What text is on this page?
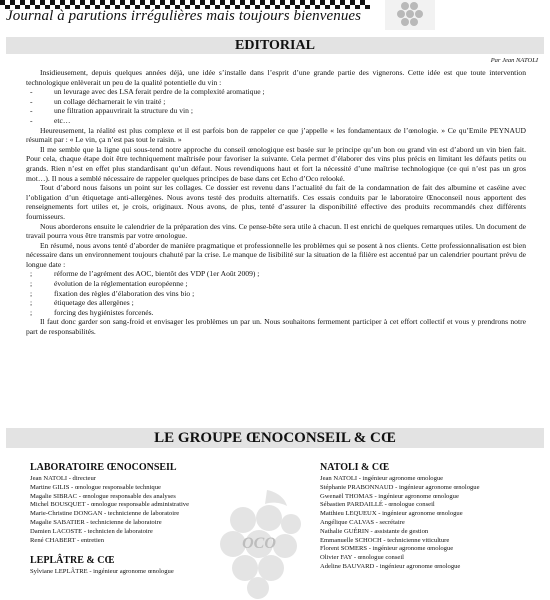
Journal à parutions irrégulières mais toujours bienvenues
EDITORIAL
Par Jean NATOLI

Insidieusement, depuis quelques années déjà, une idée s’installe dans l’esprit d’une grande partie des vignerons. Cette idée est que toute intervention technologique enlèverait un peu de la qualité potentielle du vin :

- un levurage avec des LSA ferait perdre de la complexité aromatique ;
- un collage décharnerait le vin traité ;
- une filtration appauvrirait la structure du vin ;
- etc…

Heureusement, la réalité est plus complexe et il est parfois bon de rappeler ce que j’appelle « les fondamentaux de l’œnologie. » Ce qu’Emile PEYNAUD résumait par : « Le vin, ça n’est pas tout le raisin. »

Il me semble que la ligne qui sous-tend notre approche du conseil œnologique est basée sur le principe qu’un bon ou grand vin est d’abord un vin bien fait. Pour cela, chaque étape doit être techniquement maîtrisée pour favoriser la suivante. Cela permet d’élaborer des vins plus précis en limitant les défauts petits ou grands. Rien n’est en effet plus standardisant qu’un défaut. Nous revendiquons haut et fort la nécessité d’une maîtrise technologique (ce qui n’est pas un gros mot…). Il nous a semblé nécessaire de rappeler quelques principes de base dans cet Echo d’Oco relooké.

Tout d’abord nous faisons un point sur les collages. Ce dossier est revenu dans l’actualité du fait de la condamnation de fait des albumine et caséine avec l’obligation d’un étiquetage anti-allergènes. Nous avons testé des produits alternatifs. Ces essais conduits par le laboratoire Œnoconseil nous apportent des renseignements fort utiles et, je crois, originaux. Nous avons, de plus, tenté d’assurer la disponibilité effective des produits recommandés chez différents fournisseurs.

Nous aborderons ensuite le calendrier de la préparation des vins. Ce pense-bête sera utile à chacun. Il est enrichi de quelques remarques utiles. Un document de travail pourra vous être transmis par votre œnologue.

En résumé, nous avons tenté d’aborder de manière pragmatique et professionnelle les problèmes qui se posent à nos clients. Cette professionnalisation est bien nécessaire dans un environnement toujours chahuté par la crise. Le manque de lisibilité sur la situation de la filière est accentué par un calendrier pourtant prévu de longue date :

; réforme de l’agrément des AOC, bientôt des VDP (1er Août 2009) ;
; évolution de la réglementation européenne ;
; fixation des règles d’élaboration des vins bio ;
; étiquetage des allergènes ;
; forcing des hygiénistes forcenés.

Il faut donc garder son sang-froid et envisager les problèmes un par un. Nous souhaitons fermement participer à cet effort collectif et vous y prendrons notre part de responsabilités.

LE GROUPE ŒNOCONSEIL & CŒ
LABORATOIRE ŒNOCONSEIL
Jean NATOLI - directeur
Martine GILIS - œnologue responsable technique
Magalie SIBRAC - œnologue responsable des analyses
Michel BOUSQUET - œnologue responsable administrative
Marie-Christine DONGAN - technicienne de laboratoire
Magalie SABATIER - technicienne de laboratoire
Damien LACOSTE - technicien de laboratoire
René CHABERT - entretien
LEPLÂTRE & CŒ
Sylviane LEPLÂTRE - ingénieur agronome œnologue
OCO
NATOLI & CŒ
Jean NATOLI - ingénieur agronome œnologue
Stéphanie PRABONNAUD - ingénieur agronome œnologue
Gwenaël THOMAS - ingénieur agronome œnologue
Sébastien PARDAILLÉ - œnologue conseil
Matthieu LEQUEUX - ingénieur agronome œnologue
Angélique CALVAS - secrétaire
Nathalie GUÉRIN - assistante de gestion
Emmanuelle SCHOCH - technicienne viticulture
Florent SOMERS - ingénieur agronome œnologue
Olivier FAY - œnologue conseil
Adeline BAUVARD - ingénieur agronome œnologue
